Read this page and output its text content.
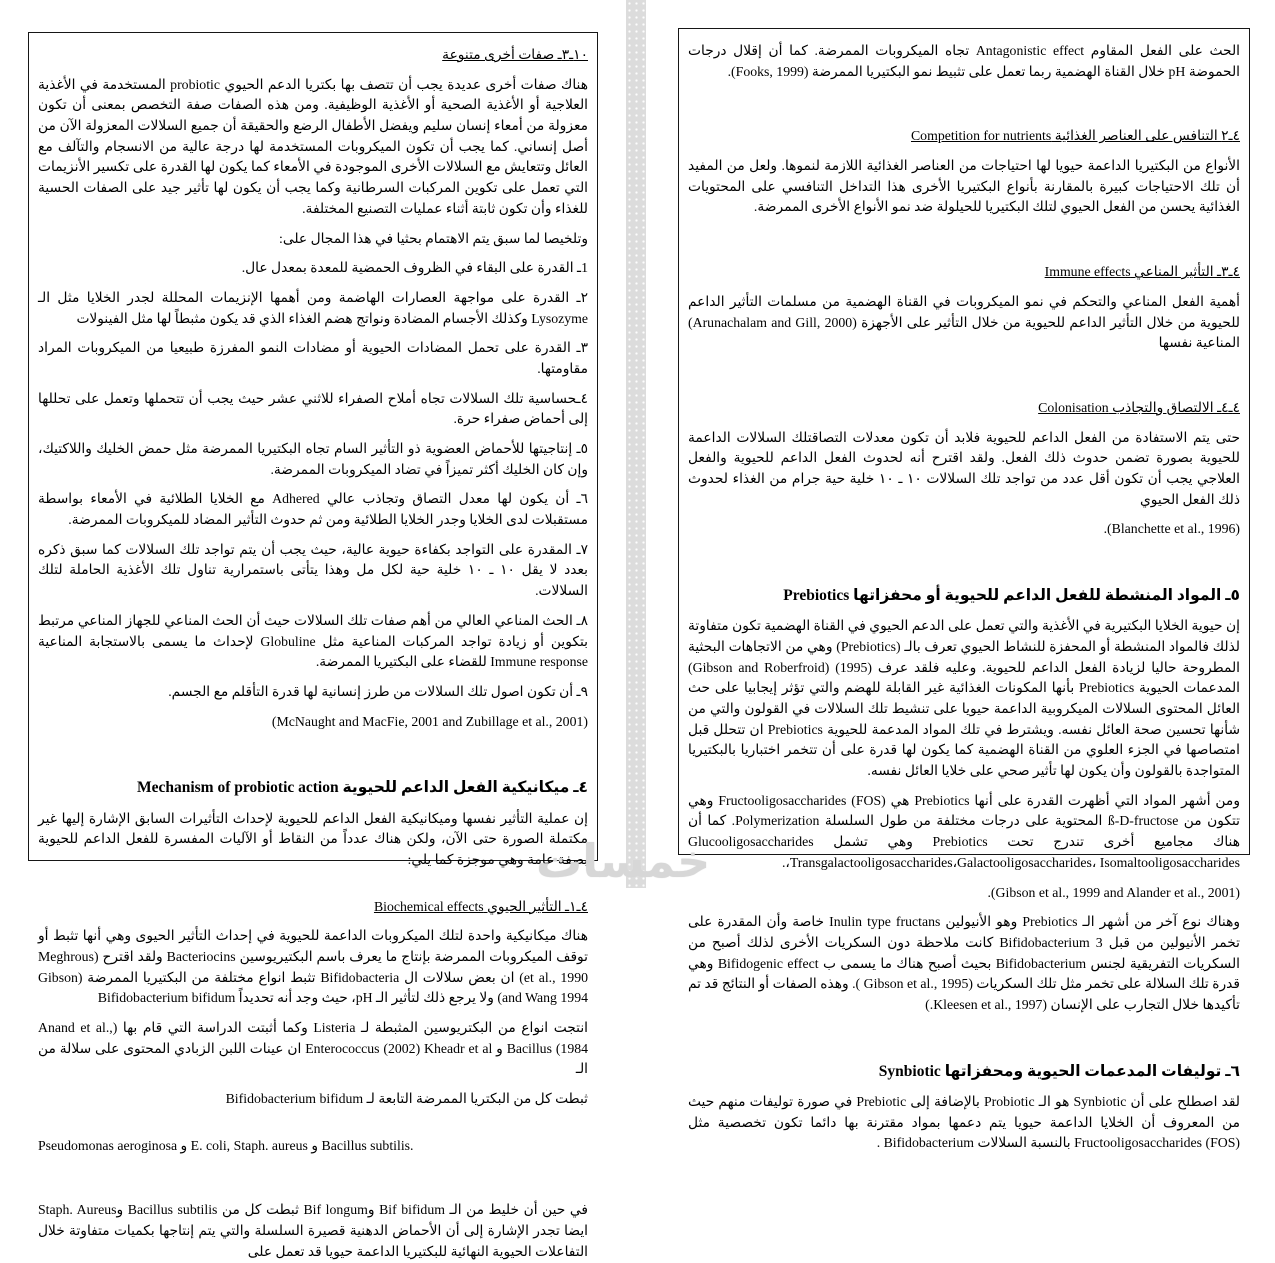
١٠ـ٣ـ صفات أخرى متنوعة

هناك صفات أخرى عديدة يجب أن تتصف بها بكتريا الدعم الحيوي probiotic المستخدمة في الأغذية العلاجية أو الأغذية الصحية أو الأغذية الوظيفية. ومن هذه الصفات صفة التخصص بمعنى أن تكون معزولة من أمعاء إنسان سليم ويفضل الأطفال الرضع والحقيقة أن جميع السلالات المعزولة الآن من أصل إنساني. كما يجب أن تكون الميكروبات المستخدمة لها درجة عالية من الانسجام والتآلف مع العائل وتتعايش مع السلالات الأخرى الموجودة في الأمعاء كما يكون لها القدرة على تكسير الأنزيمات التي تعمل على تكوين المركبات السرطانية وكما يجب أن يكون لها تأثير جيد على الصفات الحسية للغذاء وأن تكون ثابتة أثناء عمليات التصنيع المختلفة.

وتلخيصا لما سبق يتم الاهتمام بحثيا في هذا المجال على:

1ـ القدرة على البقاء في الظروف الحمضية للمعدة بمعدل عال.

٢ـ القدرة على مواجهة العصارات الهاضمة ومن أهمها الإنزيمات المحللة لجدر الخلايا مثل الـ Lysozyme وكذلك الأجسام المضادة ونواتج هضم الغذاء الذي قد يكون مثبطاً لها مثل الفينولات

٣ـ القدرة على تحمل المضادات الحيوية أو مضادات النمو المفرزة طبيعيا من الميكروبات المراد مقاومتها.

٤ـحساسية تلك السلالات تجاه أملاح الصفراء للاثني عشر حيث يجب أن تتحملها وتعمل على تحللها إلى أحماض صفراء حرة.

٥ـ إنتاجيتها للأحماض العضوية ذو التأثير السام تجاه البكتيريا الممرضة مثل حمض الخليك واللاكتيك، وإن كان الخليك أكثر تميزاً في تضاد الميكروبات الممرضة.

٦ـ أن يكون لها معدل التصاق وتجاذب عالي Adhered مع الخلايا الطلائية في الأمعاء بواسطة مستقبلات لدى الخلايا وجدر الخلايا الطلائية ومن ثم حدوث التأثير المضاد للميكروبات الممرضة.

٧ـ المقدرة على التواجد بكفاءة حيوية عالية، حيث يجب أن يتم تواجد تلك السلالات كما سبق ذكره بعدد لا يقل ١٠ ـ ١٠ خلية حية لكل مل وهذا يتأتى باستمرارية تناول تلك الأغذية الحاملة لتلك السلالات.

٨ـ الحث المناعي العالي من أهم صفات تلك السلالات حيث أن الحث المناعي للجهاز المناعي مرتبط بتكوين أو زيادة تواجد المركبات المناعية مثل Globuline لإحداث ما يسمى بالاستجابة المناعية Immune response للقضاء على البكتيريا الممرضة.

٩ـ أن تكون اصول تلك السلالات من طرز إنسانية لها قدرة التأقلم مع الجسم.

(McNaught and MacFie, 2001 and Zubillage et al., 2001)

٤ـ ميكانيكية الفعل الداعم للحيوية Mechanism of probiotic action

إن عملية التأثير نفسها وميكانيكية الفعل الداعم للحيوية لإحداث التأثيرات السابق الإشارة إليها غير مكتملة الصورة حتى الآن، ولكن هناك عدداً من النقاط أو الآليات المفسرة للفعل الداعم للحيوية بصفة عامة وهي موجزة كما يلي:

٤ـ١ـ التأثير الحيوي Biochemical effects

هناك ميكانيكية واحدة لتلك الميكروبات الداعمة للحيوية في إحداث التأثير الحيوى وهي أنها تثبط أو توقف الميكروبات الممرضة بإنتاج ما يعرف باسم البكتيريوسين Bacteriocins ولقد اقترح (Meghrous et al., 1990) ان بعض سلالات ال Bifidobacteria تثبط انواع مختلفة من البكتيريا الممرضة (Gibson and Wang 1994) ولا يرجع ذلك لتأثير الـ pH، حيث وجد أنه تحديداً Bifidobacterium bifidum

انتجت انواع من البكتريوسين المثبطة لـ Listeria وكما أثبتت الدراسة التي قام بها (Anand et al., 1984) Bacillus و Enterococcus (2002) Kheadr et al ان عينات اللبن الزبادي المحتوى على سلالة من الـ

ثبطت كل من البكتريا الممرضة التابعة لـ Bifidobacterium bifidum

Pseudomonas aeroginosa و E. coli, Staph. aureus و Bacillus subtilis.

في حين أن خليط من الـ Bif bifidum وBif longum ثبطت كل من Bacillus subtilis وStaph. Aureus ايضا تجدر الإشارة إلى أن الأحماض الدهنية قصيرة السلسلة والتي يتم إنتاجها بكميات متفاوتة خلال التفاعلات الحيوية النهائية للبكتيريا الداعمة حيويا قد تعمل على

الحث على الفعل المقاوم Antagonistic effect تجاه الميكروبات الممرضة. كما أن إقلال درجات الحموضة pH خلال القناة الهضمية ربما تعمل على تثبيط نمو البكتيريا الممرضة (Fooks, 1999).

٤ـ٢ التنافس على العناصر الغذائية Competition for nutrients

الأنواع من البكتيريا الداعمة حيويا لها احتياجات من العناصر الغذائية اللازمة لنموها. ولعل من المفيد أن تلك الاحتياجات كبيرة بالمقارنة بأنواع البكتيريا الأخرى هذا التداخل التنافسي على المحتويات الغذائية يحسن من الفعل الحيوي لتلك البكتيريا للحيلولة ضد نمو الأنواع الأخرى الممرضة.

٤ـ٣ـ التأثير المناعي Immune effects

أهمية الفعل المناعي والتحكم في نمو الميكروبات في القناة الهضمية من مسلمات التأثير الداعم للحيوية من خلال التأثير الداعم للحيوية من خلال التأثير على الأجهزة (Arunachalam and Gill, 2000) المناعية نفسها

٤ـ٤ـ الالتصاق والتجاذب Colonisation

حتى يتم الاستفادة من الفعل الداعم للحيوية فلابد أن تكون معدلات التصاقتلك السلالات الداعمة للحيوية بصورة تضمن حدوث ذلك الفعل. ولقد اقترح أنه لحدوث الفعل الداعم للحيوية والفعل العلاجي يجب أن تكون أقل عدد من تواجد تلك السلالات ١٠ ـ ١٠ خلية حية جرام من الغذاء لحدوث ذلك الفعل الحيوي

(Blanchette et al., 1996).

٥ـ المواد المنشطة للفعل الداعم للحيوية أو محفزاتها Prebiotics

إن حيوية الخلايا البكتيرية في الأغذية والتي تعمل على الدعم الحيوي في القناة الهضمية تكون متفاوتة لذلك فالمواد المنشطة أو المحفزة للنشاط الحيوي تعرف بالـ (Prebiotics) وهي من الاتجاهات البحثية المطروحة حاليا لزيادة الفعل الداعم للحيوية. وعليه فلقد عرف (1995) (Gibson and Roberfroid) المدعمات الحيوية Prebiotics بأنها المكونات الغذائية غير القابلة للهضم والتي تؤثر إيجابيا على حث العائل المحتوى السلالات الميكروبية الداعمة حيويا على تنشيط تلك السلالات في القولون والتي من شأنها تحسين صحة العائل نفسه. ويشترط في تلك المواد المدعمة للحيوية Prebiotics ان تتحلل قبل امتصاصها في الجزء العلوي من القناة الهضمية كما يكون لها قدرة على أن تتخمر اختباريا بالبكتيريا المتواجدة بالقولون وأن يكون لها تأثير صحي على خلايا العائل نفسه.

ومن أشهر المواد التي أظهرت القدرة على أنها Prebiotics هي Fructooligosaccharides (FOS) وهي تتكون من ß-D-fructose المحتوية على درجات مختلفة من طول السلسلة Polymerization. كما أن هناك مجاميع أخرى تندرج تحت Prebiotics وهي تشمل Glucooligosaccharides ،Transgalactooligosaccharides،Galactooligosaccharides، Isomaltooligosaccharides.

(Gibson et al., 1999 and Alander et al., 2001).

وهناك نوع آخر من أشهر الـ Prebiotics وهو الأنيولين Inulin type fructans خاصة وأن المقدرة على تخمر الأنيولين من قبل 3 Bifidobacterium كانت ملاحظة دون السكريات الأخرى لذلك أصبح من السكريات التفريقية لجنس Bifidobacterium بحيث أصبح هناك ما يسمى ب Bifidogenic effect وهي قدرة تلك السلالة على تخمر مثل تلك السكريات (Gibson et al., 1995 ). وهذه الصفات أو النتائج قد تم تأكيدها خلال التجارب على الإنسان (Kleesen et al., 1997.)

٦ـ توليفات المدعمات الحيوية ومحفزاتها Synbiotic

لقد اصطلح على أن Synbiotic هو الـ Probiotic بالإضافة إلى Prebiotic في صورة توليفات منهم حيث من المعروف أن الخلايا الداعمة حيويا يتم دعمها بمواد مقترنة بها دائما تكون تخصصية مثل Fructooligosaccharides (FOS) بالنسبة السلالات Bifidobacterium .

خمسات
